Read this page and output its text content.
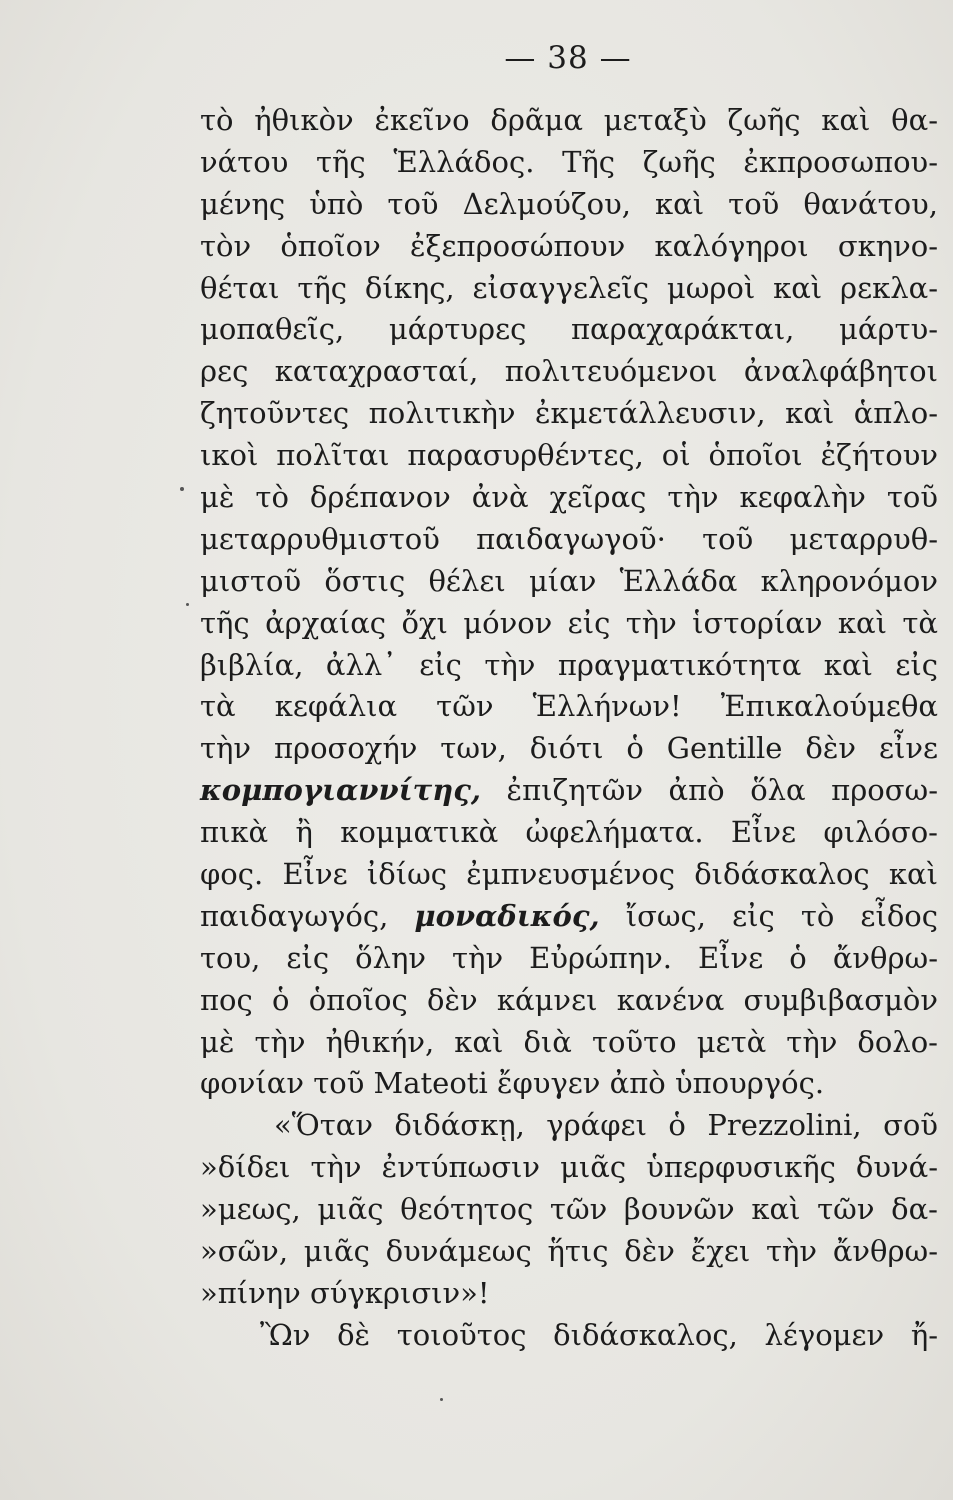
— 38 —
τὸ ἠθικὸν ἐκεῖνο δρᾶμα μεταξὺ ζωῆς καὶ θα-
νάτου τῆς Ἑλλάδος. Τῆς ζωῆς ἐκπροσωπου-
μένης ὑπὸ τοῦ Δελμούζου, καὶ τοῦ θανάτου,
τὸν ὁποῖον ἐξεπροσώπουν καλόγηροι σκηνο-
θέται τῆς δίκης, εἰσαγγελεῖς μωροὶ καὶ ρεκλα-
μοπαθεῖς, μάρτυρες παραχαράκται, μάρτυ-
ρες καταχρασταί, πολιτευόμενοι ἀναλφάβητοι
ζητοῦντες πολιτικὴν ἐκμετάλλευσιν, καὶ ἁπλο-
ικοὶ πολῖται παρασυρθέντες, οἱ ὁποῖοι ἐζήτουν
μὲ τὸ δρέπανον ἀνὰ χεῖρας τὴν κεφαλὴν τοῦ
μεταρρυθμιστοῦ παιδαγωγοῦ· τοῦ μεταρρυθ-
μιστοῦ ὅστις θέλει μίαν Ἑλλάδα κληρονόμον
τῆς ἀρχαίας ὄχι μόνον εἰς τὴν ἱστορίαν καὶ τὰ
βιβλία, ἀλλ᾿ εἰς τὴν πραγματικότητα καὶ εἰς
τὰ κεφάλια τῶν Ἑλλήνων! Ἐπικαλούμεθα
τὴν προσοχήν των, διότι ὁ Gentille δὲν εἶνε
κομπογιαννίτης, ἐπιζητῶν ἀπὸ ὅλα προσω-
πικὰ ἢ κομματικὰ ὠφελήματα. Εἶνε φιλόσο-
φος. Εἶνε ἰδίως ἐμπνευσμένος διδάσκαλος καὶ
παιδαγωγός, μοναδικός, ἴσως, εἰς τὸ εἶδος
του, εἰς ὅλην τὴν Εὐρώπην. Εἶνε ὁ ἄνθρω-
πος ὁ ὁποῖος δὲν κάμνει κανένα συμβιβασμὸν
μὲ τὴν ἠθικήν, καὶ διὰ τοῦτο μετὰ τὴν δολο-
φονίαν τοῦ Mateoti ἔφυγεν ἀπὸ ὑπουργός.
«Ὅταν διδάσκῃ, γράφει ὁ Prezzolini, σοῦ
»δίδει τὴν ἐντύπωσιν μιᾶς ὑπερφυσικῆς δυνά-
»μεως, μιᾶς θεότητος τῶν βουνῶν καὶ τῶν δα-
»σῶν, μιᾶς δυνάμεως ἥτις δὲν ἔχει τὴν ἄνθρω-
»πίνην σύγκρισιν»!
Ὢν δὲ τοιοῦτος διδάσκαλος, λέγομεν ἤ-
